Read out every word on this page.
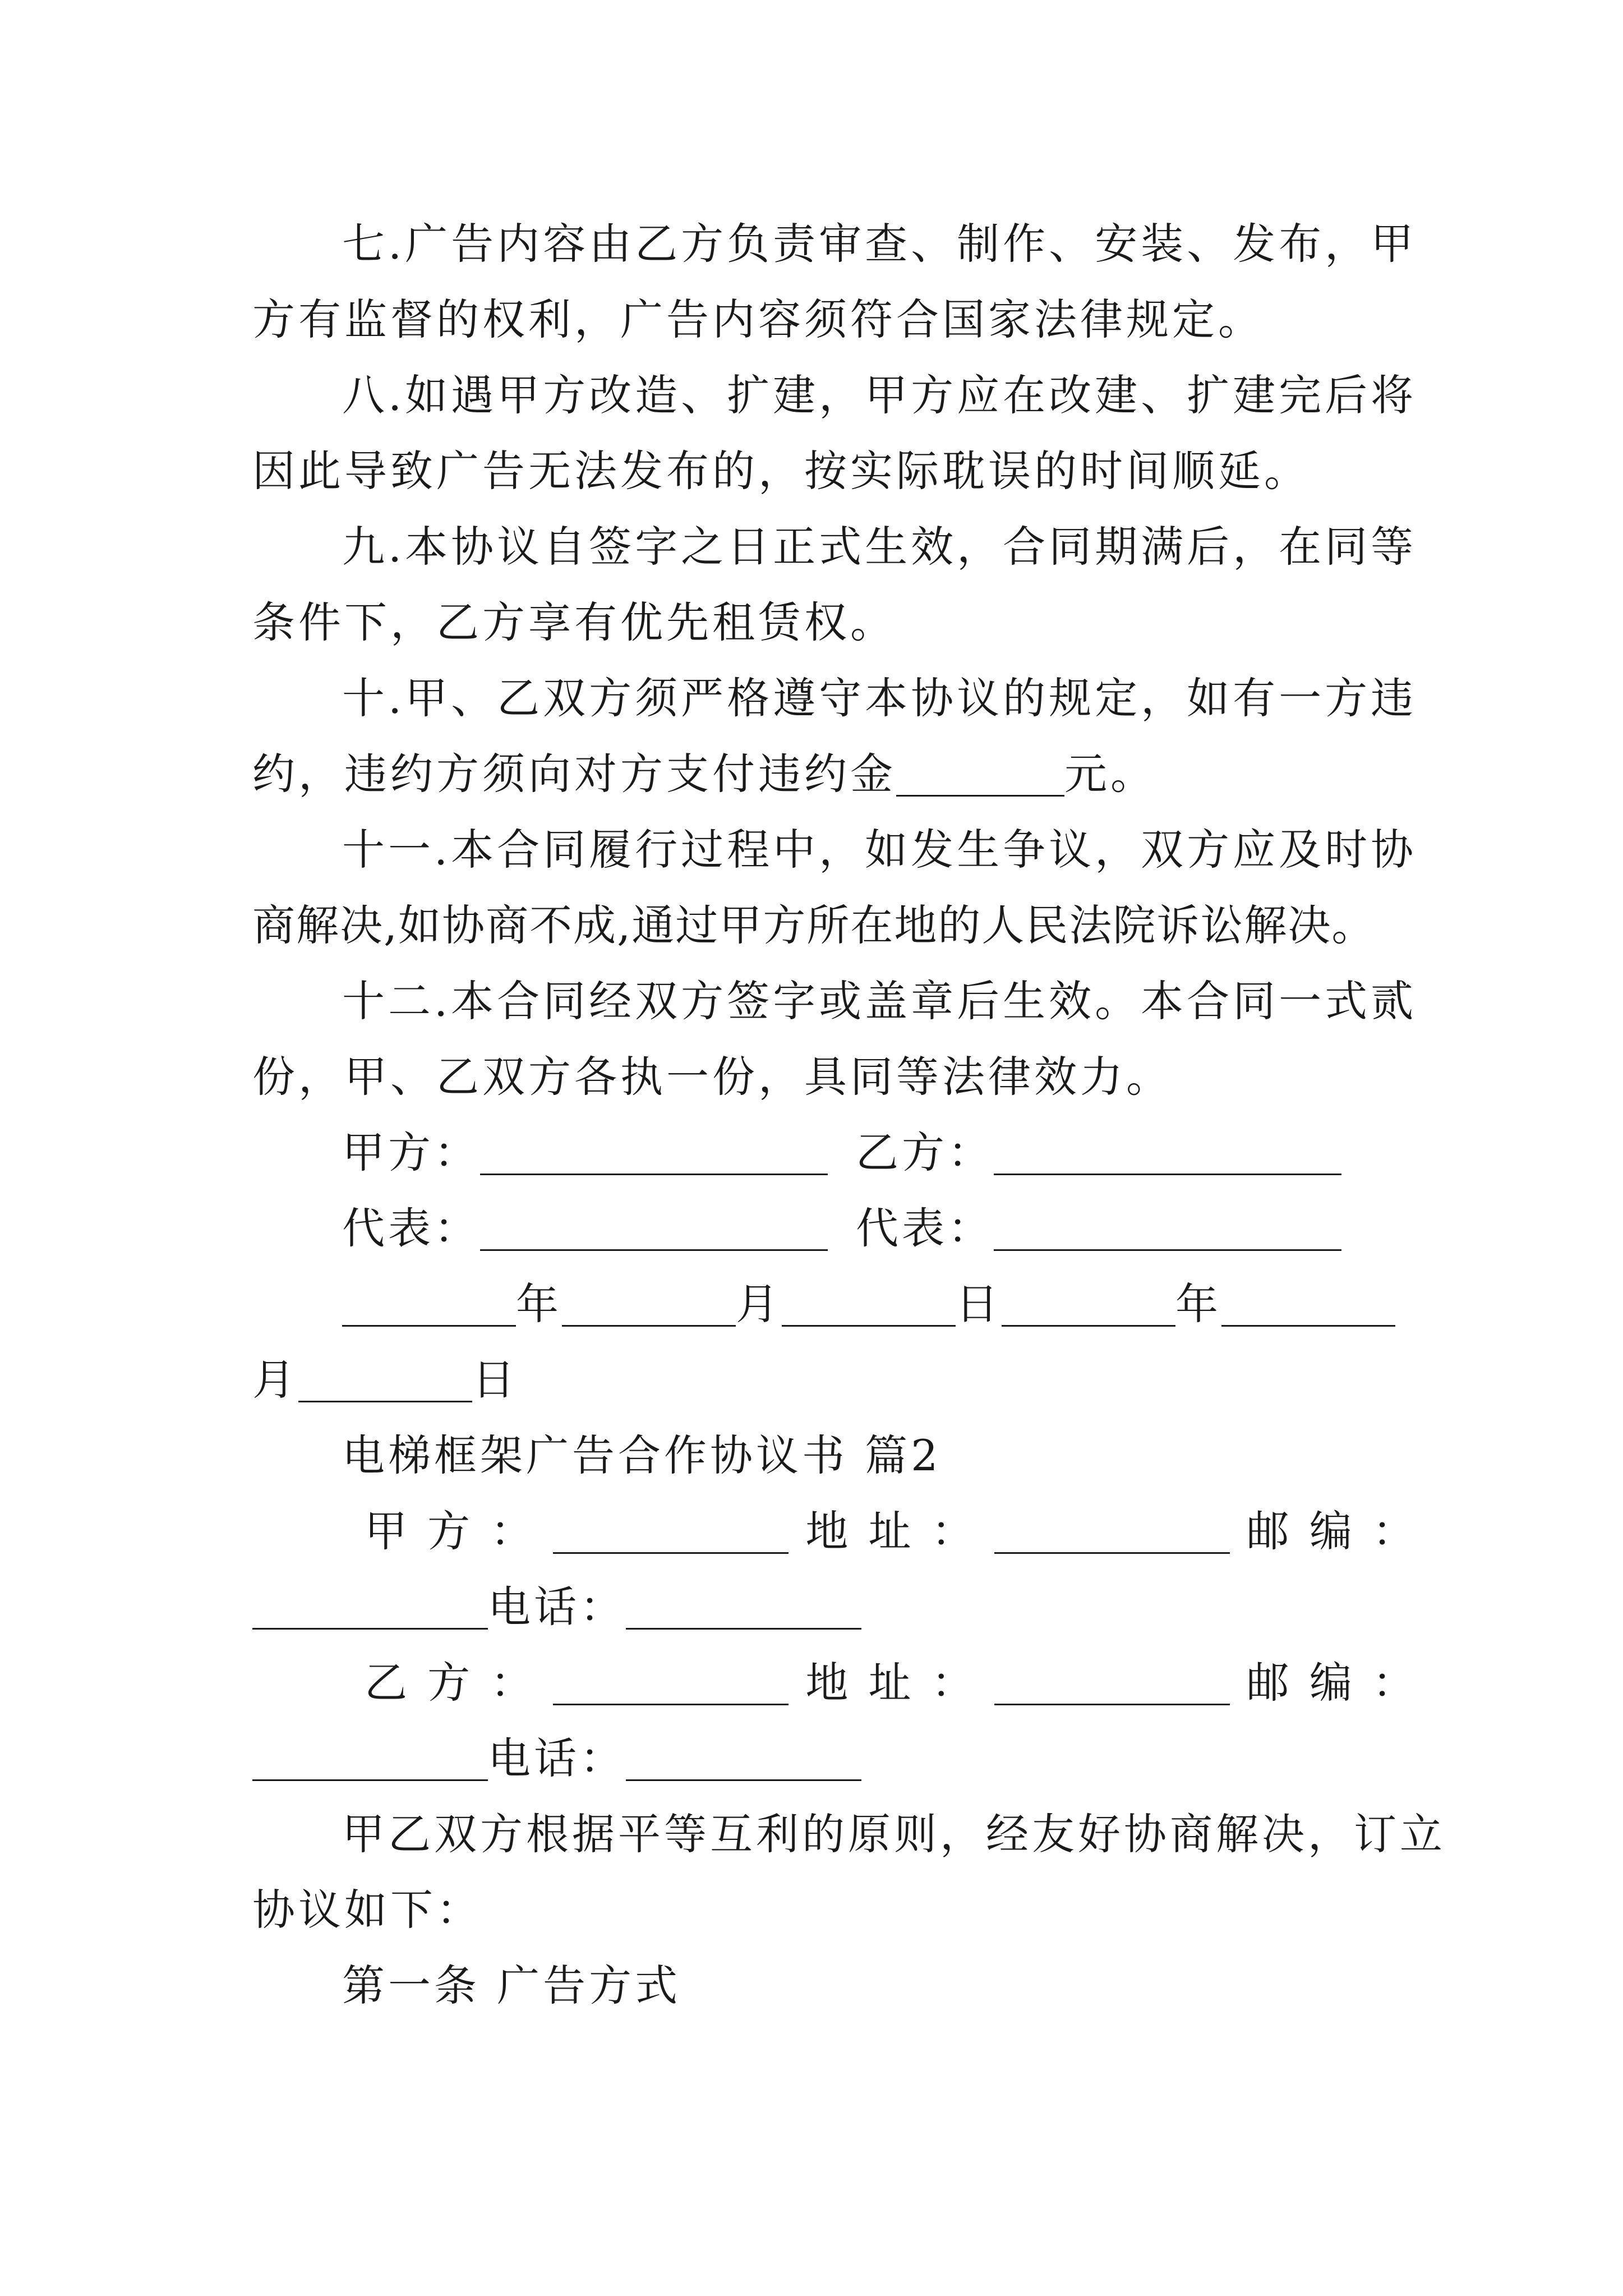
七.广告内容由乙方负责审查、制作、安装、发布，甲
方有监督的权利，广告内容须符合国家法律规定。
八.如遇甲方改造、扩建，甲方应在改建、扩建完后将
因此导致广告无法发布的，按实际耽误的时间顺延。
九.本协议自签字之日正式生效，合同期满后，在同等
条件下，乙方享有优先租赁权。
十.甲、乙双方须严格遵守本协议的规定，如有一方违
约，违约方须向对方支付违约金	元。
十一.本合同履行过程中，如发生争议，双方应及时协
商解决,如协商不成,通过甲方所在地的人民法院诉讼解决。
十二.本合同经双方签字或盖章后生效。本合同一式贰
份，甲、乙双方各执一份，具同等法律效力。
甲方：	乙方：
代表：	代表：
年	月	日	年
月	日
电梯框架广告合作协议书 篇2
甲 方 ：	地 址 ：	邮 编 ：
电话：
乙 方 ：	地 址 ：	邮 编 ：
电话：
甲乙双方根据平等互利的原则，经友好协商解决，订立
协议如下：
第一条 广告方式
